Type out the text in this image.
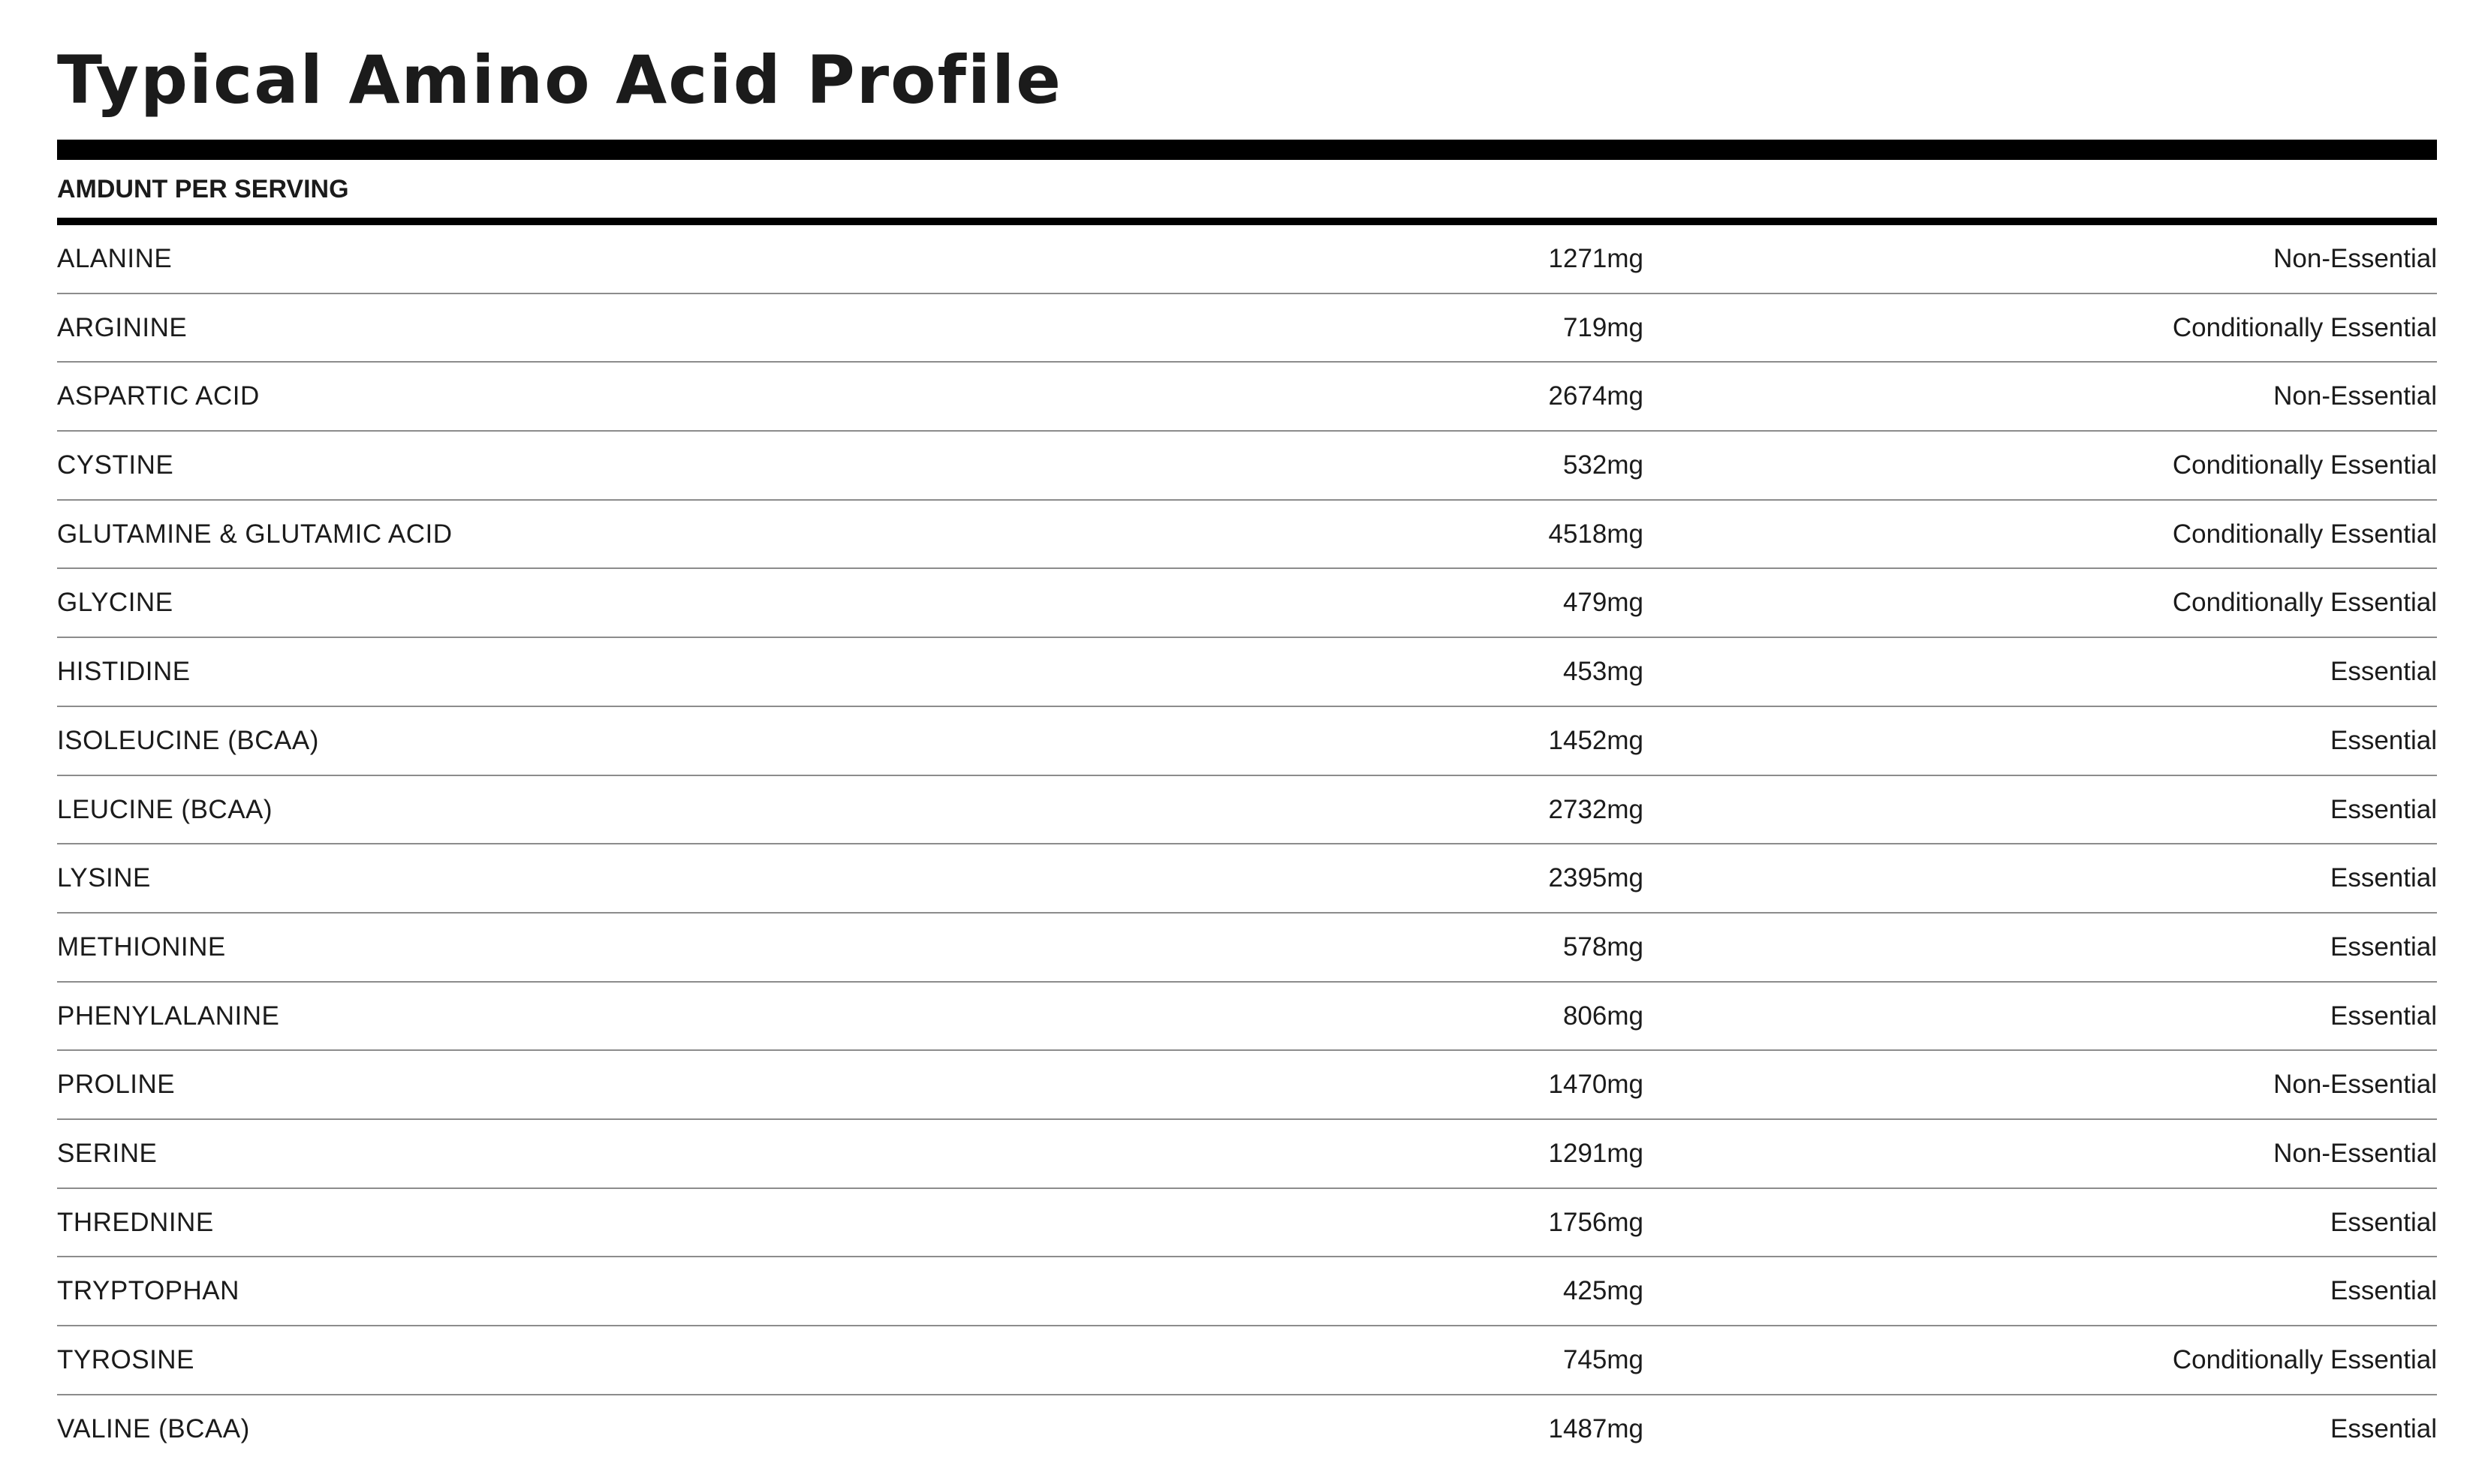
Typical Amino Acid Profile
AMDUNT PER SERVING
ALANINE	1271mg	Non-Essential
ARGININE	719mg	Conditionally Essential
ASPARTIC ACID	2674mg	Non-Essential
CYSTINE	532mg	Conditionally Essential
GLUTAMINE & GLUTAMIC ACID	4518mg	Conditionally Essential
GLYCINE	479mg	Conditionally Essential
HISTIDINE	453mg	Essential
ISOLEUCINE (BCAA)	1452mg	Essential
LEUCINE (BCAA)	2732mg	Essential
LYSINE	2395mg	Essential
METHIONINE	578mg	Essential
PHENYLALANINE	806mg	Essential
PROLINE	1470mg	Non-Essential
SERINE	1291mg	Non-Essential
THREDNINE	1756mg	Essential
TRYPTOPHAN	425mg	Essential
TYROSINE	745mg	Conditionally Essential
VALINE (BCAA)	1487mg	Essential
